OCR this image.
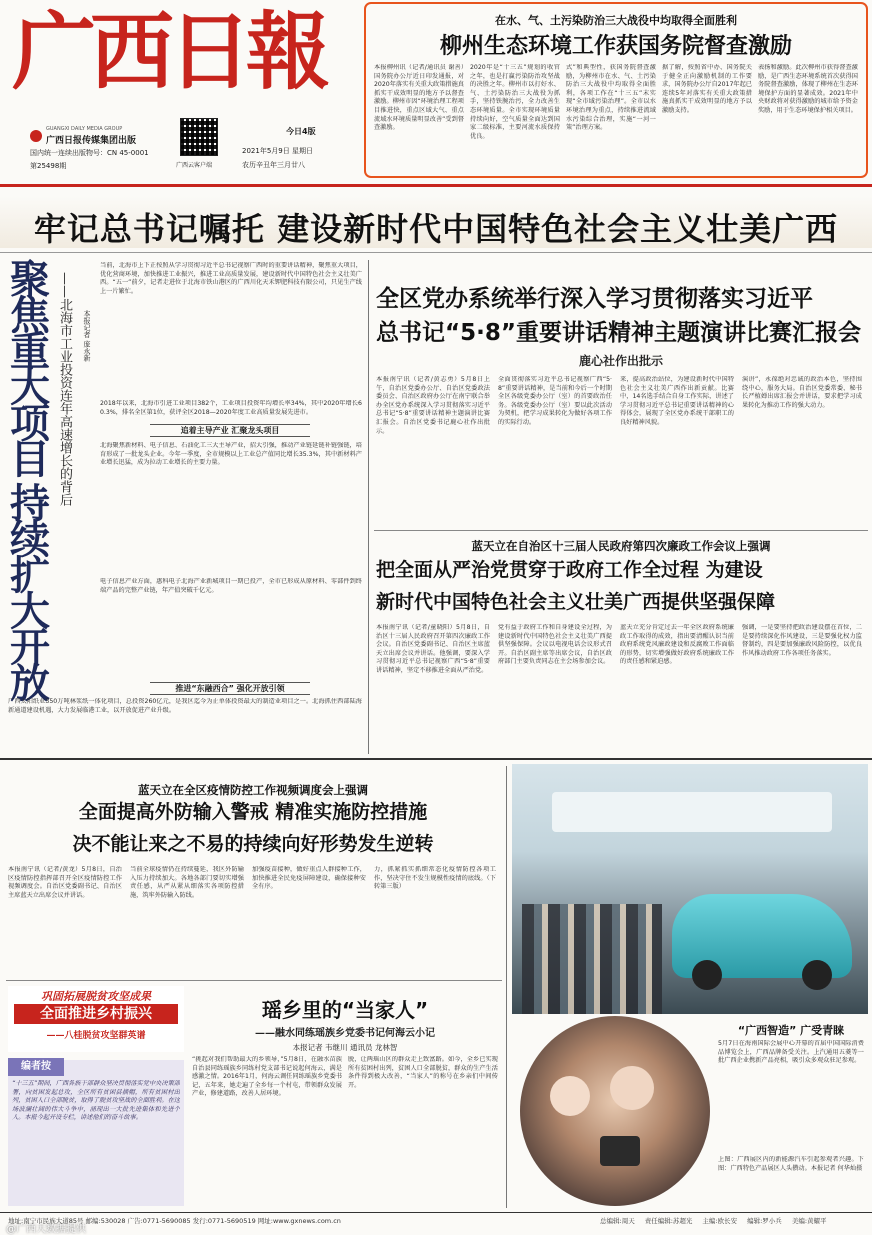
广西日報
GUANGXI DAILY MEDIA GROUP
广西日报传媒集团出版
国内统一连续出版物号：CN 45-0001
第25498期	广西云客户端
今日4版
2021年5月9日 星期日
农历辛丑年三月廿八
在水、气、土污染防治三大战役中均取得全面胜利
柳州生态环境工作获国务院督查激励
本报柳州讯（记者/通讯员 谢善）国务院办公厅近日印发通报，对2020年落实有关重大政策措施真抓实干成效明显的地方予以督查激励。柳州市因“环境治理工程项目推进快，重点区域大气、重点流域水环境质量明显改善”受到督查激励。
2020年是“十三五”规划的收官之年，也是打赢污染防治攻坚战的决胜之年。柳州市以打好水、气、土污染防治三大战役为抓手，坚持铁腕治污，全力改善生态环境质量。全市实现环境质量持续向好，空气质量全面达到国家二级标准，主要河流水质保持优良。
式”和典型性，获国务院督查激励，为柳州市在水、气、土污染防治三大战役中均取得全面胜利，各项工作在“十三五”末实现“全市域污染治理”。全市以水环境治理为重点，持续推进流域水污染综合治理，实施“一河一策”治理方案。
据了解，按照省中办、国务院关于健全正向激励机制的工作要求，国务院办公厅自2017年起已连续5年对落实有关重大政策措施真抓实干成效明显的地方予以激励支持。
表扬和激励。此次柳州市获得督查激励，是广西生态环境系统首次获得国务院督查激励，体现了柳州在生态环境保护方面的显著成效。2021年中央财政将对获得激励的城市给予资金奖励，用于生态环境保护相关项目。
牢记总书记嘱托 建设新时代中国特色社会主义壮美广西
聚
焦
重
大
项
目

持
续
扩
大
开
放
——北海市工业投资连年高速增长的背后 本报记者 庞永新
当前，北海市上下正按照从学习贯彻习近平总书记视察广西时的重要讲话精神，聚焦重大项目，优化营商环境，加快推进工业振兴，推进工业高质量发展，建设新时代中国特色社会主义壮美广西。“五一”前夕，记者走进位于北海市铁山港区的广西川化天禾钾肥科技有限公司，只见生产线上一片繁忙。
2018年以来，北海市引进工业项目382个，工业项目投资年均增长率34%，其中2020年增长60.3%，排名全区第1位，获评全区2018—2020年度工业高质量发展先进市。
追着主导产业 汇聚龙头项目
北海聚焦新材料、电子信息、石油化工三大主导产业，招大引强，推动产业链延链补链强链，培育形成了一批龙头企业。今年一季度，全市规模以上工业总产值同比增长35.3%，其中新材料产业增长迅猛，成为拉动工业增长的主要力量。
电子信息产业方面，惠科电子北海产业新城项目一期已投产，全市已形成从原材料、零部件到终端产品的完整产业链，年产值突破千亿元。
推进“东融西合” 强化开放引领
广西太阳纸业350万吨林浆纸一体化项目，总投资260亿元，是我区迄今为止单体投资最大的制造业项目之一。北海抓住西部陆海新通道建设机遇，大力发展临港工业，以开放促进产业升级。
全区党办系统举行深入学习贯彻落实习近平
总书记“5·8”重要讲话精神主题演讲比赛汇报会
鹿心社作出批示
本报南宁讯（记者/黄志勇）5月8日上午，自治区党委办公厅、自治区党委政法委员会、自治区政府办公厅在南宁联合举办全区党办系统深入学习贯彻落实习近平总书记“5·8”重要讲话精神主题演讲比赛汇报会。自治区党委书记鹿心社作出批示。
全面贯彻落实习近平总书记视察广西“5·8”重要讲话精神，是当前和今后一个时期全区各级党委办公厅（室）的首要政治任务。各级党委办公厅（室）要以此次活动为契机，把学习成果转化为做好各项工作的实际行动。
来，提高政治站位，为建设新时代中国特色社会主义壮美广西作出新贡献。比赛中，14名选手结合自身工作实际，讲述了学习贯彻习近平总书记重要讲话精神的心得体会，展现了全区党办系统干部职工的良好精神风貌。
演讲”，永葆绝对忠诚的政治本色，坚持围绕中心，服务大局。自治区党委常委、秘书长严植婵出席汇报会并讲话，要求把学习成果转化为推动工作的强大动力。
蓝天立在自治区十三届人民政府第四次廉政工作会议上强调
把全面从严治党贯穿于政府工作全过程 为建设
新时代中国特色社会主义壮美广西提供坚强保障
本报南宁讯（记者/童晓阳）5月8日，自治区十三届人民政府召开第四次廉政工作会议。自治区党委副书记、自治区主席蓝天立出席会议并讲话。他强调，要深入学习贯彻习近平总书记视察广西“5·8”重要讲话精神，坚定不移推进全面从严治党。
党有益于政府工作和自身建设全过程，为建设新时代中国特色社会主义壮美广西提供坚强保障。会议以电视电话会议形式召开。自治区副主席等出席会议，自治区政府部门主要负责同志在主会场参加会议。
蓝天立充分肯定过去一年全区政府系统廉政工作取得的成效，指出要清醒认识当前政府系统党风廉政建设和反腐败工作面临的形势，切实增强做好政府系统廉政工作的责任感和紧迫感。
强调，一是要坚持把政治建设摆在首位，二是要持续深化作风建设，三是要强化权力监督制约，四是要加强廉政风险防控，以优良作风推动政府工作各项任务落实。
蓝天立在全区疫情防控工作视频调度会上强调
全面提高外防输入警戒 精准实施防控措施
决不能让来之不易的持续向好形势发生逆转
本报南宁讯（记者/黄龙）5月8日，自治区疫情防控指挥部召开全区疫情防控工作视频调度会。自治区党委副书记、自治区主席蓝天立出席会议并讲话。
当前全球疫情仍在持续蔓延，我区外防输入压力持续加大。各地各部门要切实增强责任感，从严从紧从细落实各项防控措施，筑牢外防输入防线。
加强疫苗接种，做好重点人群接种工作，加快推进全民免疫屏障建设，确保接种安全有序。
力，抓紧抓实抓细常态化疫情防控各项工作，坚决守住不发生规模性疫情的底线。（下转第三版）
巩固拓展脱贫攻坚成果
全面推进乡村振兴
——八桂脱贫攻坚群英谱
编者按
“十三五”期间，广西各族干部群众坚决贯彻落实党中央决策部署，向贫困发起总攻，全区所有贫困县摘帽，所有贫困村出列，贫困人口全部脱贫，取得了脱贫攻坚战的全面胜利。在这场波澜壮阔的伟大斗争中，涌现出一大批先进集体和先进个人。本报今起开设专栏，讲述他们的奋斗故事。
瑶乡里的“当家人”
——融水同练瑶族乡党委书记何海云小记
本报记者 韦继川 通讯员 龙林智
“挑起对我们帮助最大的乡领导，”5月8日，在融水苗族自治县同练瑶族乡同练村党支部书记说起何海云，满是感激之情。2016年1月，何海云调任同练瑶族乡党委书记，五年来，她走遍了全乡每一个村屯，带领群众发展产业，修建道路，改善人居环境。
脱，让两瑶山区的群众走上致富路。如今，全乡已实现所有贫困村出列，贫困人口全部脱贫，群众的生产生活条件得到极大改善，“当家人”的称号在乡亲们中间传开。
“广西智造” 广受青睐
5月7日在海南国际会展中心开幕的首届中国国际消费品博览会上，广西品牌备受关注。上汽通用五菱等一批广西企业携新产品亮相，吸引众多观众驻足参观。
上图：广西展区内的新能源汽车引起参观者兴趣。下图：广西特色产品展区人头攒动。本报记者 何华灿摄
地址:南宁市民族大道85号 邮编:530028 广告:0771-5690085 发行:0771-5690519 网址:www.gxnews.com.cn	总编辑:周天 责任编辑:苏超光 主编:欧长安 编辑:罗小兵 美编:黄耀平
@广西大数据提供
